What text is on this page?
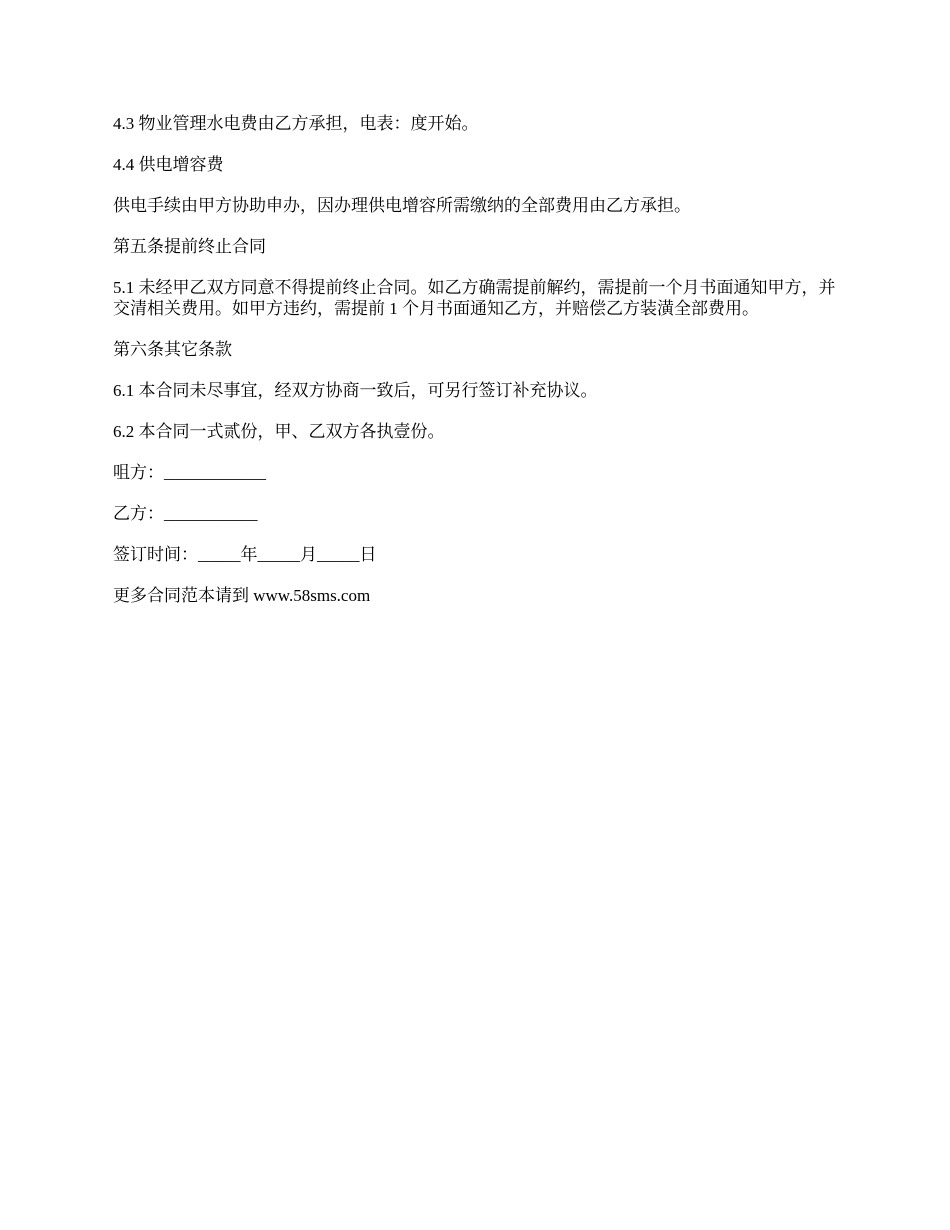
4.3 物业管理水电费由乙方承担，电表：度开始。

4.4 供电增容费

供电手续由甲方协助申办，因办理供电增容所需缴纳的全部费用由乙方承担。

第五条提前终止合同

5.1 未经甲乙双方同意不得提前终止合同。如乙方确需提前解约，需提前一个月书面通知甲方，并交清相关费用。如甲方违约，需提前 1 个月书面通知乙方，并赔偿乙方装潢全部费用。

第六条其它条款

6.1 本合同未尽事宜，经双方协商一致后，可另行签订补充协议。

6.2 本合同一式贰份，甲、乙双方各执壹份。

咀方：____________

乙方：___________

签订时间：_____年_____月_____日

更多合同范本请到 www.58sms.com
